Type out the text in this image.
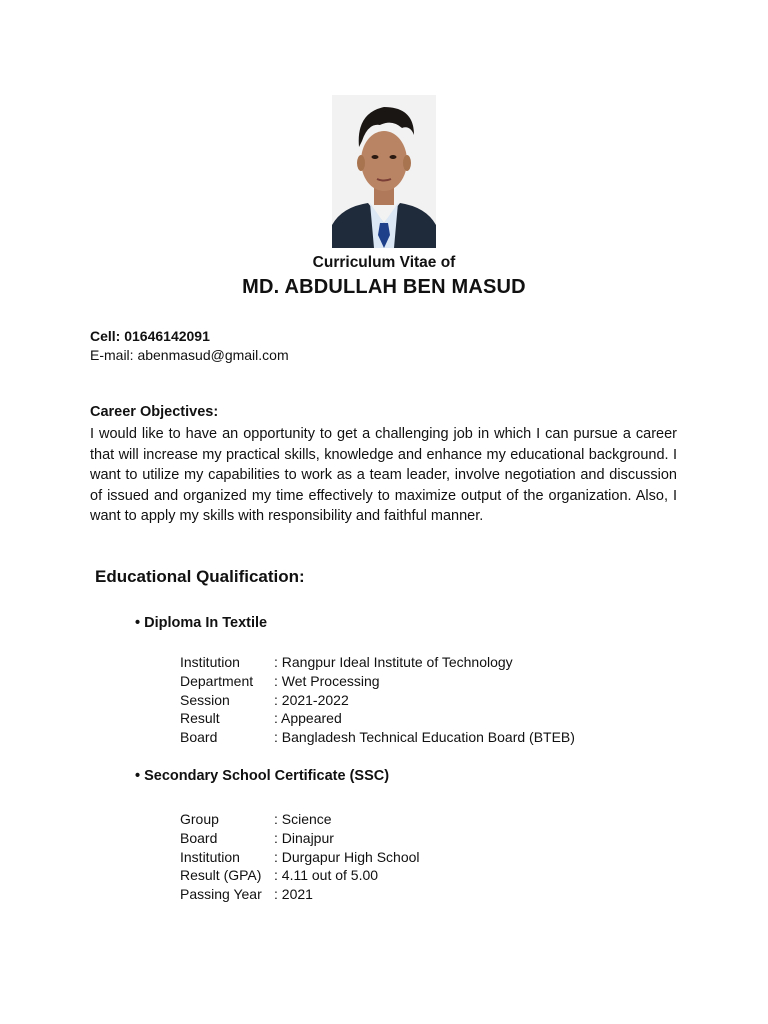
Curriculum Vitae of
MD. ABDULLAH BEN MASUD
Cell: 01646142091
E-mail: abenmasud@gmail.com
Career Objectives:
I would like to have an opportunity to get a challenging job in which I can pursue a career that will increase my practical skills, knowledge and enhance my educational background. I want to utilize my capabilities to work as a team leader, involve negotiation and discussion of issued and organized my time effectively to maximize output of the organization. Also, I want to apply my skills with responsibility and faithful manner.
Educational Qualification:
• Diploma In Textile
Institution	: Rangpur Ideal Institute of Technology
Department	: Wet Processing
Session	: 2021-2022
Result	: Appeared
Board	: Bangladesh Technical Education Board (BTEB)
• Secondary School Certificate (SSC)
Group	: Science
Board	: Dinajpur
Institution	: Durgapur High School
Result (GPA) : 4.11 out of 5.00
Passing Year : 2021
